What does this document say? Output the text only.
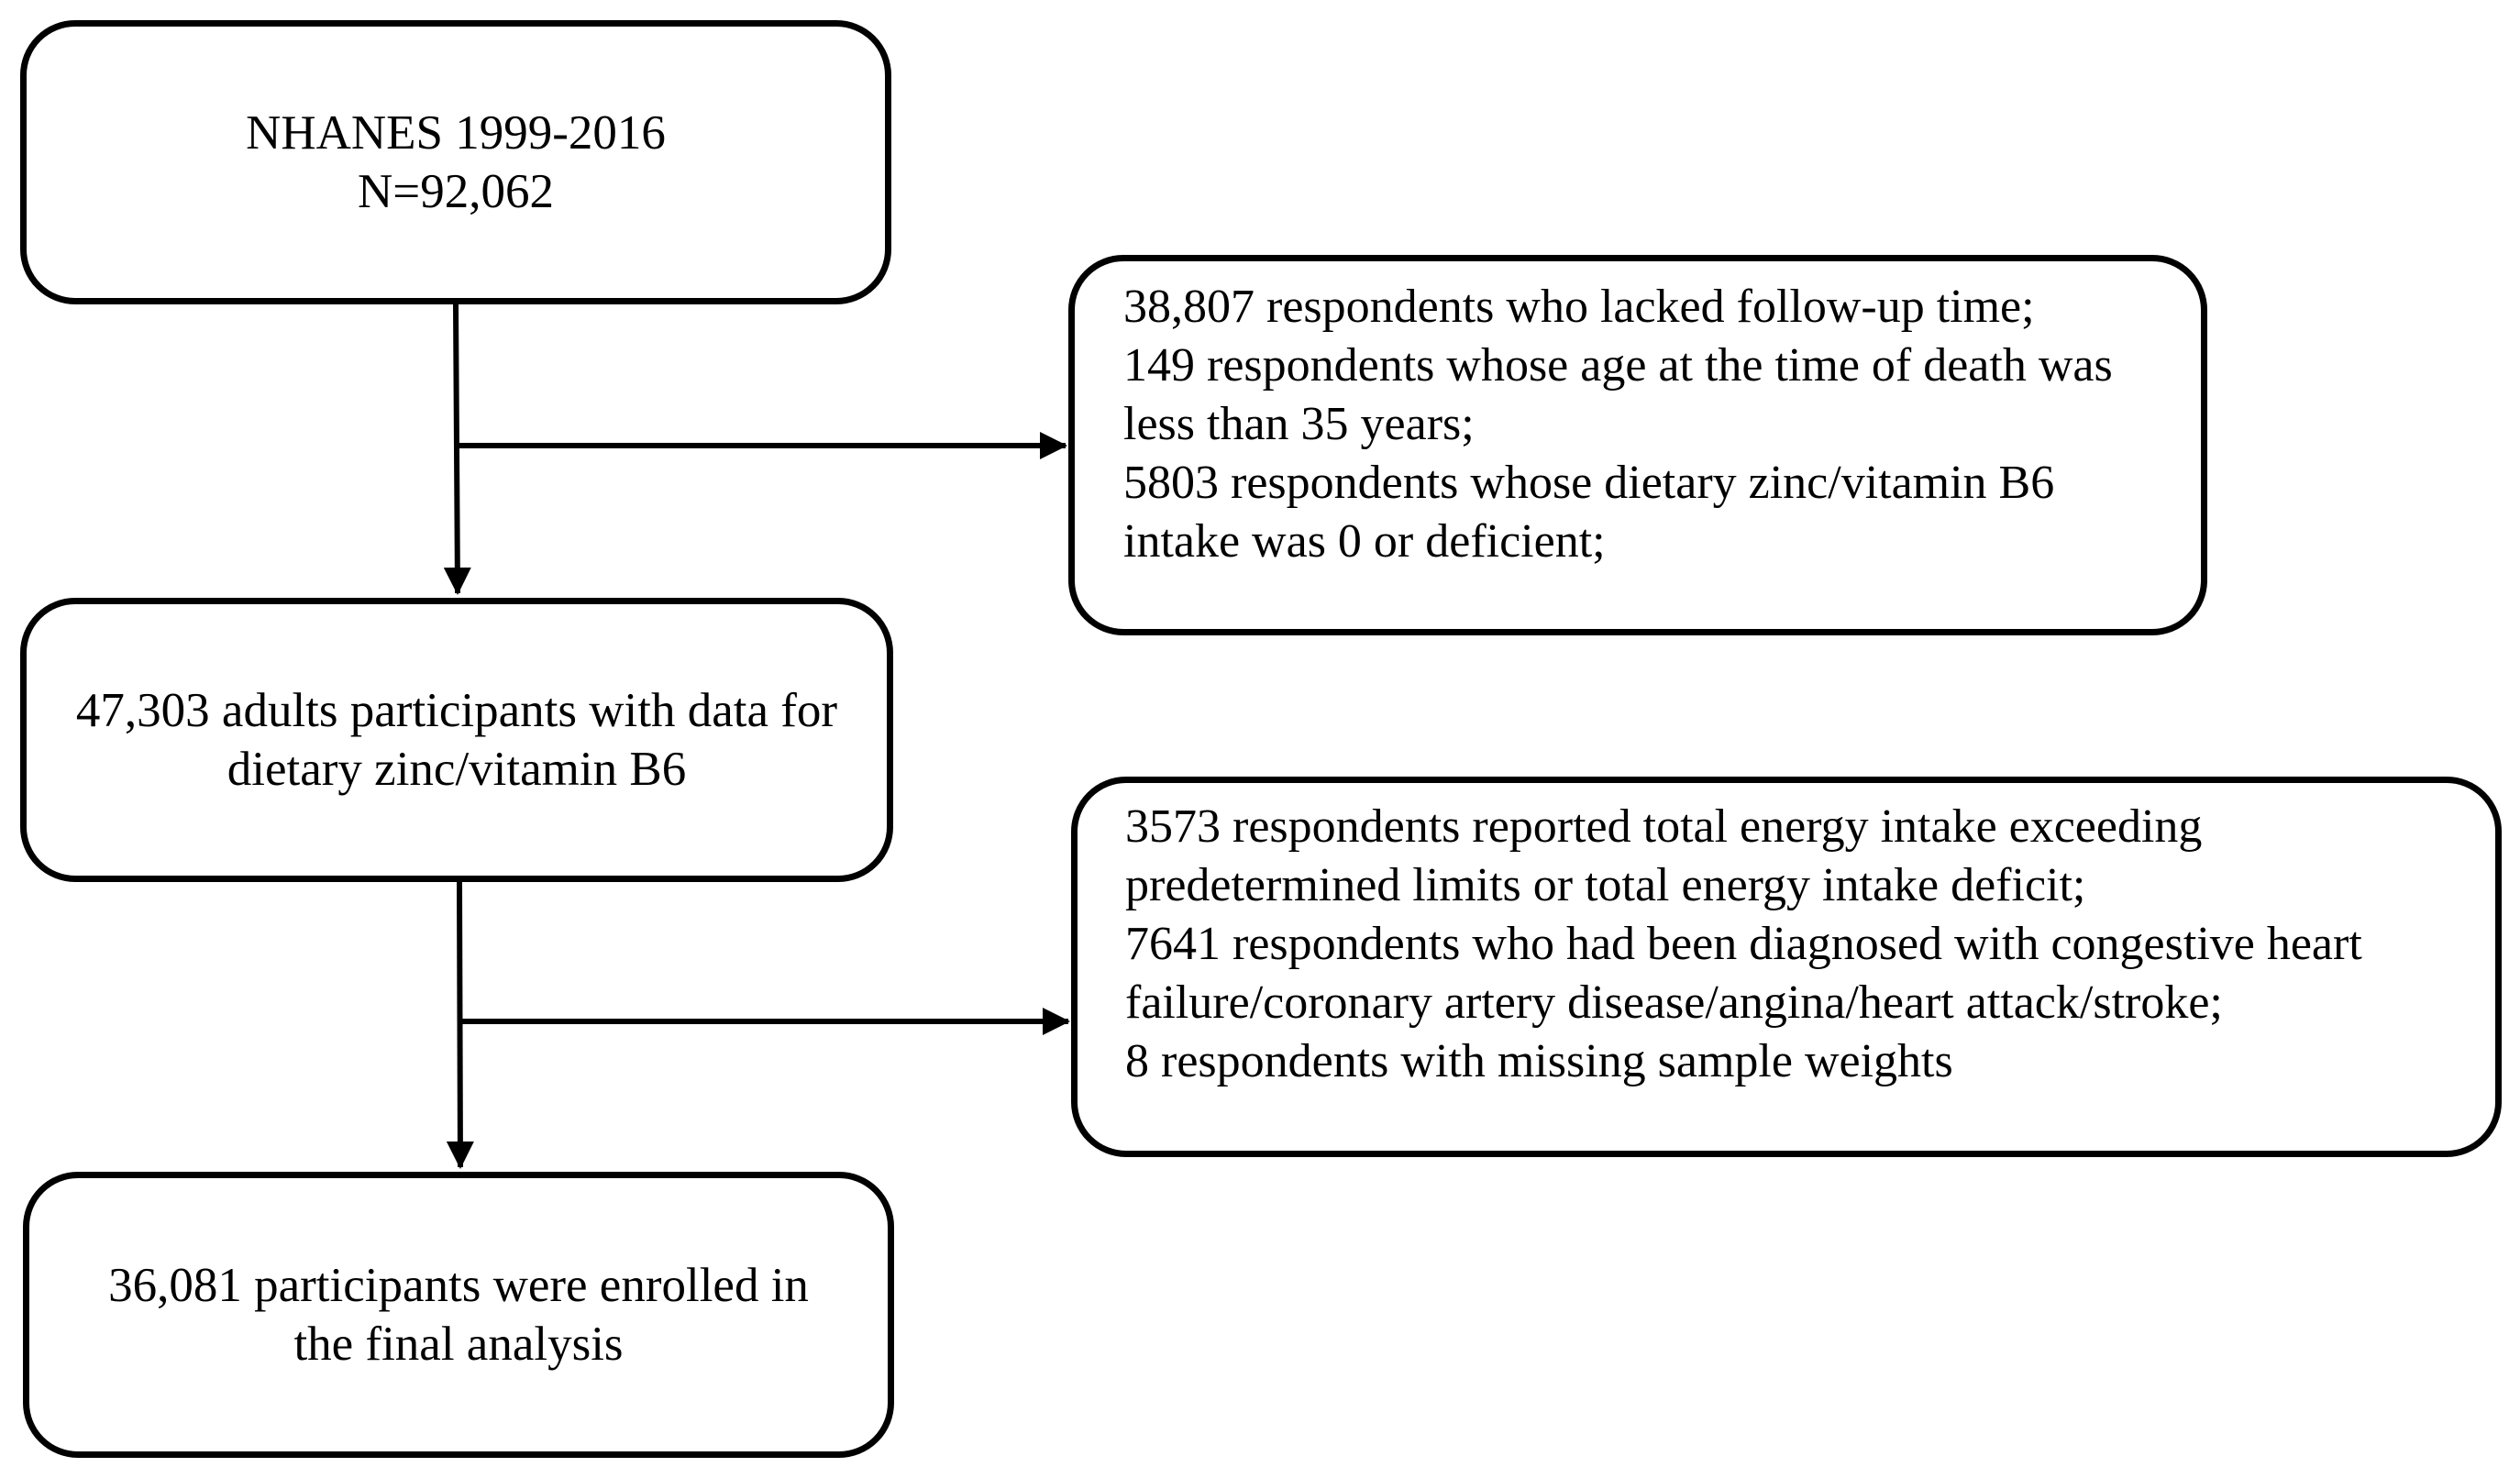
NHANES 1999-2016
N=92,062
38,807 respondents who lacked follow-up time;
149 respondents whose age at the time of death was
less than 35 years;
5803 respondents whose dietary zinc/vitamin B6
intake was 0 or deficient;
47,303 adults participants with data for
dietary zinc/vitamin B6
3573 respondents reported total energy intake exceeding
predetermined limits or total energy intake deficit;
7641 respondents who had been diagnosed with congestive heart
failure/coronary artery disease/angina/heart attack/stroke;
8 respondents with missing sample weights
36,081 participants were enrolled in
the final analysis
